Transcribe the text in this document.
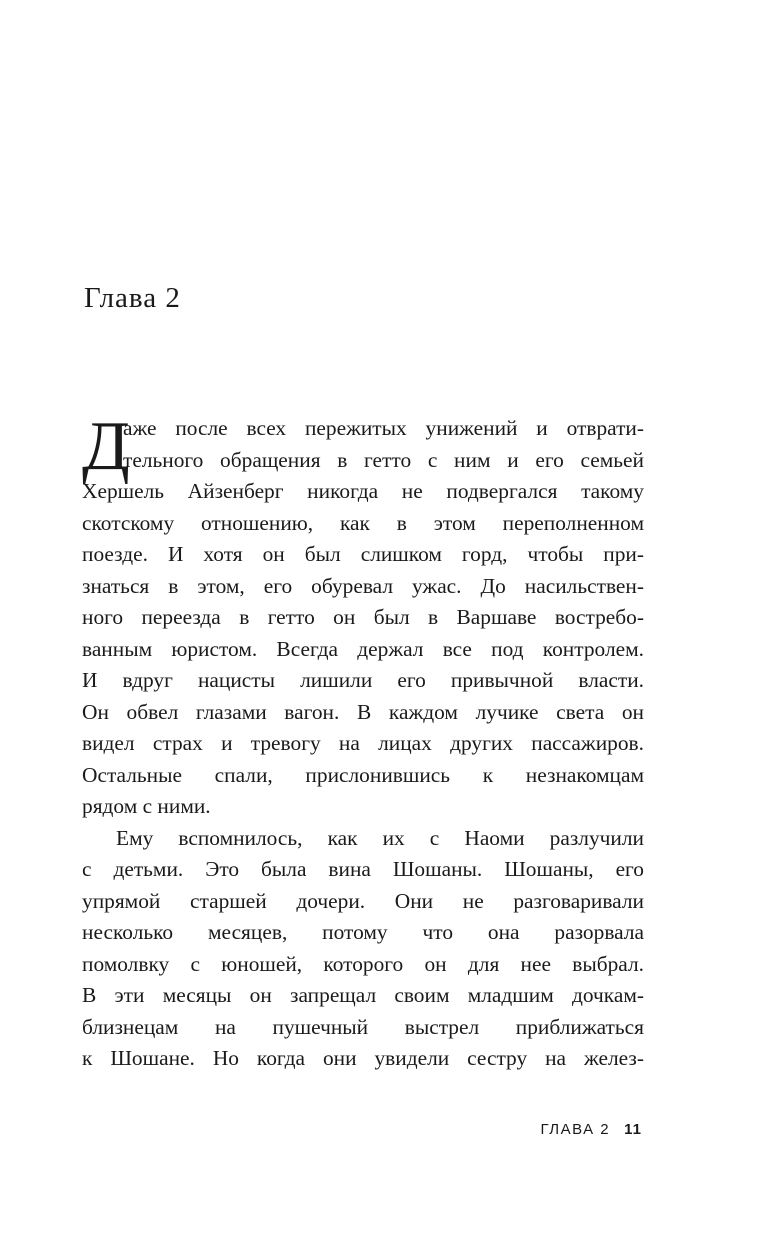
Глава 2
Д
аже после всех пережитых унижений и отврати-
тельного обращения в гетто с ним и его семьей
Хершель Айзенберг никогда не подвергался такому
скотскому отношению, как в этом переполненном
поезде. И хотя он был слишком горд, чтобы при-
знаться в этом, его обуревал ужас. До насильствен-
ного переезда в гетто он был в Варшаве востребо-
ванным юристом. Всегда держал все под контролем.
И вдруг нацисты лишили его привычной власти.
Он обвел глазами вагон. В каждом лучике света он
видел страх и тревогу на лицах других пассажиров.
Остальные спали, прислонившись к незнакомцам
рядом с ними.
Ему вспомнилось, как их с Наоми разлучили
с детьми. Это была вина Шошаны. Шошаны, его
упрямой старшей дочери. Они не разговаривали
несколько месяцев, потому что она разорвала
помолвку с юношей, которого он для нее выбрал.
В эти месяцы он запрещал своим младшим дочкам-
близнецам на пушечный выстрел приближаться
к Шошане. Но когда они увидели сестру на желез-
ГЛАВА 2 11
